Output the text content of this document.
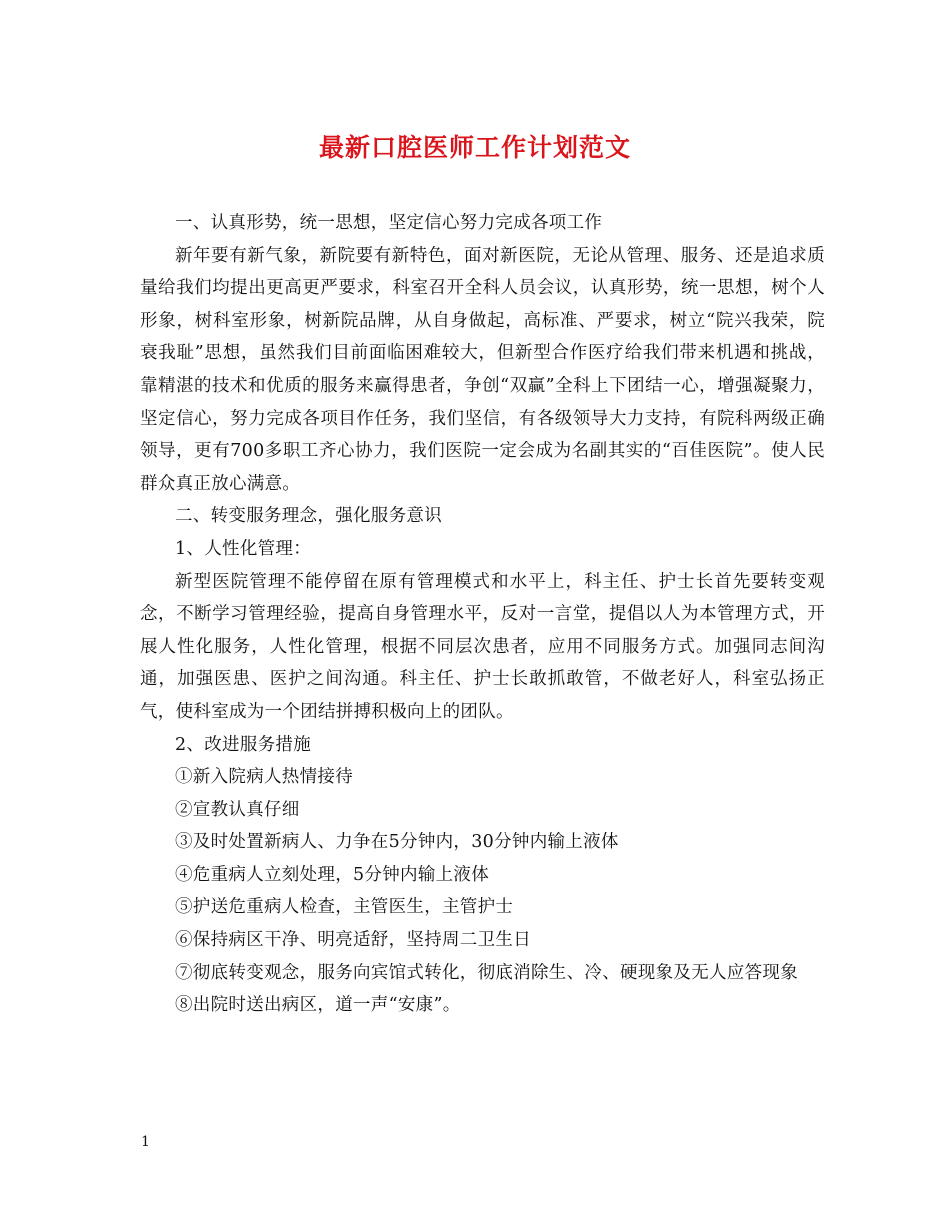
最新口腔医师工作计划范文

一、认真形势，统一思想，坚定信心努力完成各项工作

新年要有新气象，新院要有新特色，面对新医院，无论从管理、服务、还是追求质量给我们均提出更高更严要求，科室召开全科人员会议，认真形势，统一思想，树个人形象，树科室形象，树新院品牌，从自身做起，高标准、严要求，树立“院兴我荣，院衰我耻”思想，虽然我们目前面临困难较大，但新型合作医疗给我们带来机遇和挑战，靠精湛的技术和优质的服务来赢得患者，争创“双赢”全科上下团结一心，增强凝聚力，坚定信心，努力完成各项目作任务，我们坚信，有各级领导大力支持，有院科两级正确领导，更有700多职工齐心协力，我们医院一定会成为名副其实的“百佳医院”。使人民群众真正放心满意。

二、转变服务理念，强化服务意识

1、人性化管理：

新型医院管理不能停留在原有管理模式和水平上，科主任、护士长首先要转变观念，不断学习管理经验，提高自身管理水平，反对一言堂，提倡以人为本管理方式，开展人性化服务，人性化管理，根据不同层次患者，应用不同服务方式。加强同志间沟通，加强医患、医护之间沟通。科主任、护士长敢抓敢管，不做老好人，科室弘扬正气，使科室成为一个团结拼搏积极向上的团队。

2、改进服务措施

①新入院病人热情接待

②宣教认真仔细

③及时处置新病人、力争在5分钟内，30分钟内输上液体

④危重病人立刻处理，5分钟内输上液体

⑤护送危重病人检查，主管医生，主管护士

⑥保持病区干净、明亮适舒，坚持周二卫生日

⑦彻底转变观念，服务向宾馆式转化，彻底消除生、冷、硬现象及无人应答现象

⑧出院时送出病区，道一声“安康”。

1
